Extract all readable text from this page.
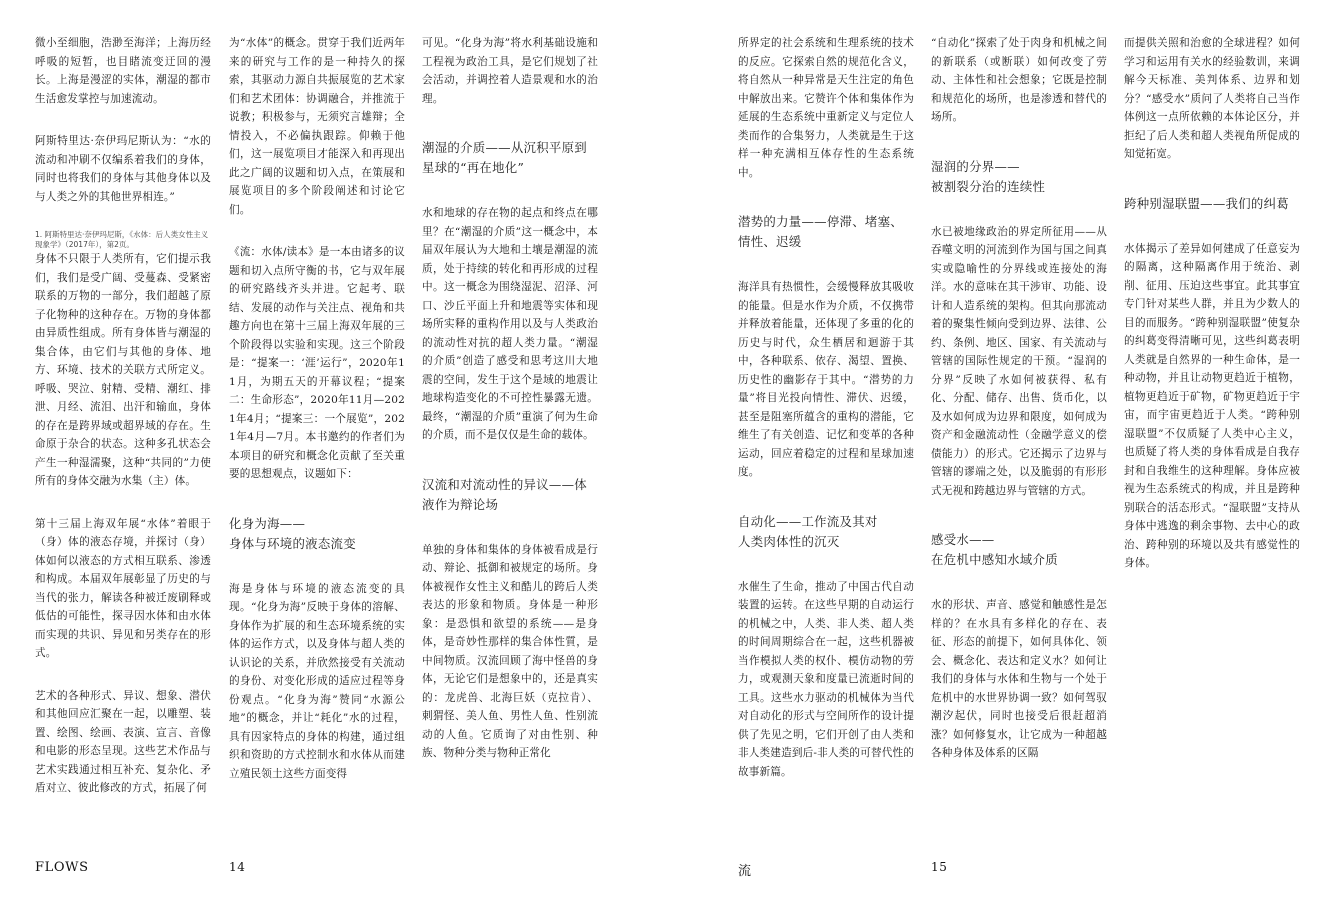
微小至细胞，浩渺至海洋；上海历经呼吸的短暂，也目睹流变迂回的漫长。上海是漫涩的实体，潮湿的都市生活愈发掌控与加速流动。

阿斯特里达·奈伊玛尼斯认为：“水的流动和冲刷不仅编系着我们的身体，同时也将我们的身体与其他身体以及与人类之外的其他世界相连。”

1. 阿斯特里达·奈伊玛尼斯，《水体：后人类女性主义现象学》（2017年），第2页。

身体不只限于人类所有，它们提示我们，我们是受广阔、受蔓森、受紧密联系的万物的一部分，我们超越了原子化物种的这种存在。万物的身体都由异质性组成。所有身体皆与潮湿的集合体，由它们与其他的身体、地方、环境、技术的关联方式所定义。呼吸、哭泣、射精、受精、潮红、排泄、月经、流泪、出汗和输血，身体的存在是跨界域或超界域的存在。生命原于杂合的状态。这种多孔状态会产生一种湿濡聚，这种“共同的”力使所有的身体交融为水集（主）体。

第十三届上海双年展“水体”着眼于（身）体的液态存境，并探讨（身）体如何以液态的方式相互联系、渗透和构成。本届双年展彰显了历史的与当代的张力，解读各种被迁废刷释或低估的可能性，探寻因水体和由水体而实现的共识、异见和另类存在的形式。

艺术的各种形式、异议、想象、潜伏和其他回应汇聚在一起，以雕塑、装置、绘图、绘画、表演、宣言、音像和电影的形态呈现。这些艺术作品与艺术实践通过相互补充、复杂化、矛盾对立、彼此修改的方式，拓展了何

为“水体”的概念。贯穿于我们近两年来的研究与工作的是一种持久的探索，其驱动力源自共振展览的艺术家们和艺术团体：协调融合，并推流于说教；积极参与，无须究言雄辩；全情投入，不必偏执跟踪。仰赖于他们，这一展览项目才能深入和再现出此之广阔的议题和切入点，在策展和展览项目的多个阶段阐述和讨论它们。

《流：水体/读本》是一本由诸多的议题和切入点所守衡的书，它与双年展的研究路线齐头并进。它起考、联结、发展的动作与关注点、视角和共趣方向也在第十三届上海双年展的三个阶段得以实验和实现。这三个阶段是：“提案一：‘涯’运行”，2020年11月，为期五天的开幕议程；“提案二：生命形态”，2020年11月—2021年4月；“提案三：一个展览”，2021年4月—7月。本书邀约的作者们为本项目的研究和概念化贡献了至关重要的思想观点，议题如下：

化身为海——
身体与环境的液态流变

海是身体与环境的液态流变的具现。“化身为海”反映于身体的溶解、身体作为扩展的和生态环境系统的实体的运作方式，以及身体与超人类的认识论的关系，并欣然接受有关流动的身份、对变化形成的适应过程等身份观点。“化身为海”赞同“水源公地”的概念，并让“耗化”水的过程，具有因家特点的身体的构建，通过组织和资助的方式控制水和水体从而建立殖民领土这些方面变得

可见。“化身为海”将水利基础设施和工程视为政治工具，是它们规划了社会活动，并调控着人造景观和水的治理。

潮湿的介质——从沉积平原到星球的“再在地化”

水和地球的存在物的起点和终点在哪里？在“潮湿的介质”这一概念中，本届双年展认为大地和土壤是潮湿的流质，处于持续的转化和再形成的过程中。这一概念为围绕湿泥、沼泽、河口、沙丘平面上升和地震等实体和现场所实释的重构作用以及与人类政治的流动性对抗的超人类力量。“潮湿的介质”创造了感受和思考这川大地震的空间，发生于这个是域的地震让地球构造变化的不可控性暴露无遗。最终，“潮湿的介质”重演了何为生命的介质，而不是仅仅是生命的载体。

汉流和对流动性的异议——体液作为辩论场

单独的身体和集体的身体被看成是行动、辩论、抵御和被规定的场所。身体被视作女性主义和酷儿的跨后人类表达的形象和物质。身体是一种形象：是恐惧和欲望的系统——是身体，是奇妙性那样的集合体性質，是中间物质。汉流回顾了海中怪兽的身体，无论它们是想象中的，还是真实的：龙虎兽、北海巨妖（克拉肯）、刺猬怪、美人鱼、男性人鱼、性别流动的人鱼。它质询了对由性别、种族、物种分类与物种正常化

FLOWS	14

所界定的社会系统和生理系统的技术的反应。它探索自然的规范化含义，将自然从一种异常是天生注定的角色中解放出来。它赞许个体和集体作为延展的生态系统中重新定义与定位人类而作的合集努力，人类就是生于这样一种充满相互体存性的生态系统中。

潜势的力量——停滞、堵塞、情性、迟缓

海洋具有热惯性，会缓慢释放其吸收的能量。但是水作为介质，不仅携带并释放着能量，还体现了多重的化的历史与时代，众生栖居和迴游于其中，各种联系、依存、渴望、置换、历史性的幽影存于其中。“潜势的力量”将目光投向情性、滞伏、迟缓，甚至是阻塞所蕴含的重构的潜能，它维生了有关创造、记忆和变革的各种运动，回应着稳定的过程和星球加速度。

自动化——工作流及其对
人类肉体性的沉灭

水催生了生命，推动了中国古代自动装置的运转。在这些早期的自动运行的机械之中，人类、非人类、超人类的时间周期综合在一起，这些机器被当作模拟人类的权仆、模仿动物的劳力，或观测天象和度量已流逝时间的工具。这些水力驱动的机械体为当代对自动化的形式与空间所作的设计提供了先见之明，它们开创了由人类和非人类建造到后-非人类的可替代性的故事新篇。

“自动化”探索了处于肉身和机械之间的新联系（或断联）如何改变了劳动、主体性和社会想象；它既是控制和规范化的场所，也是渗透和替代的场所。

湿润的分界——
被割裂分治的连续性

水已被地缘政治的界定所征用——从吞噬文明的河流到作为国与国之间真实或隐喻性的分界线或连接处的海洋。水的意味在其干涉审、功能、设计和人造系统的架构。但其向那流动着的聚集性倾向受到边界、法律、公约、条例、地区、国家、有关流动与管辖的国际性规定的干预。“湿润的分界”反映了水如何被获得、私有化、分配、储存、出售、货币化，以及水如何成为边界和限度，如何成为资产和金融流动性（金融学意义的偿债能力）的形式。它还揭示了边界与管辖的谬端之处，以及脆弱的有形形式无视和跨越边界与管辖的方式。

感受水——
在危机中感知水域介质

水的形状、声音、感觉和触感性是怎样的？在水具有多样化的存在、表征、形态的前提下，如何具体化、领会、概念化、表达和定义水？如何让我们的身体与水体和生物与一个处于危机中的水世界协调一致？如何驾驭潮汐起伏，同时也接受后很赶超消涨？如何修复水，让它成为一种超越各种身体及体系的区隔

而提供关照和治愈的全球进程？如何学习和运用有关水的经验数训，来调解今天标准、美判体系、边界和划分？“感受水”质问了人类将自己当作体例这一点所依赖的本体论区分，并拒纪了后人类和超人类视角所促成的知觉拓宽。

跨种别湿联盟——我们的纠葛

水体揭示了差异如何建成了任意妄为的隔离，这种隔离作用于统治、剥削、征用、压迫这些事宜。此其事宜专门针对某些人群，并且为少数人的目的而服务。“跨种别湿联盟”使复杂的纠葛变得清晰可见，这些纠葛表明人类就是自然界的一种生命体，是一种动物，并且让动物更趋近于植物，植物更趋近于矿物，矿物更趋近于宇宙，而宇宙更趋近于人类。“跨种别湿联盟”不仅质疑了人类中心主义，也质疑了将人类的身体看成是自我存封和自我维生的这种理解。身体应被视为生态系统式的构成，并且是跨种别联合的活态形式。“湿联盟”支持从身体中逃逸的剩余事物、去中心的政治、跨种别的环境以及共有感觉性的身体。

流	15
